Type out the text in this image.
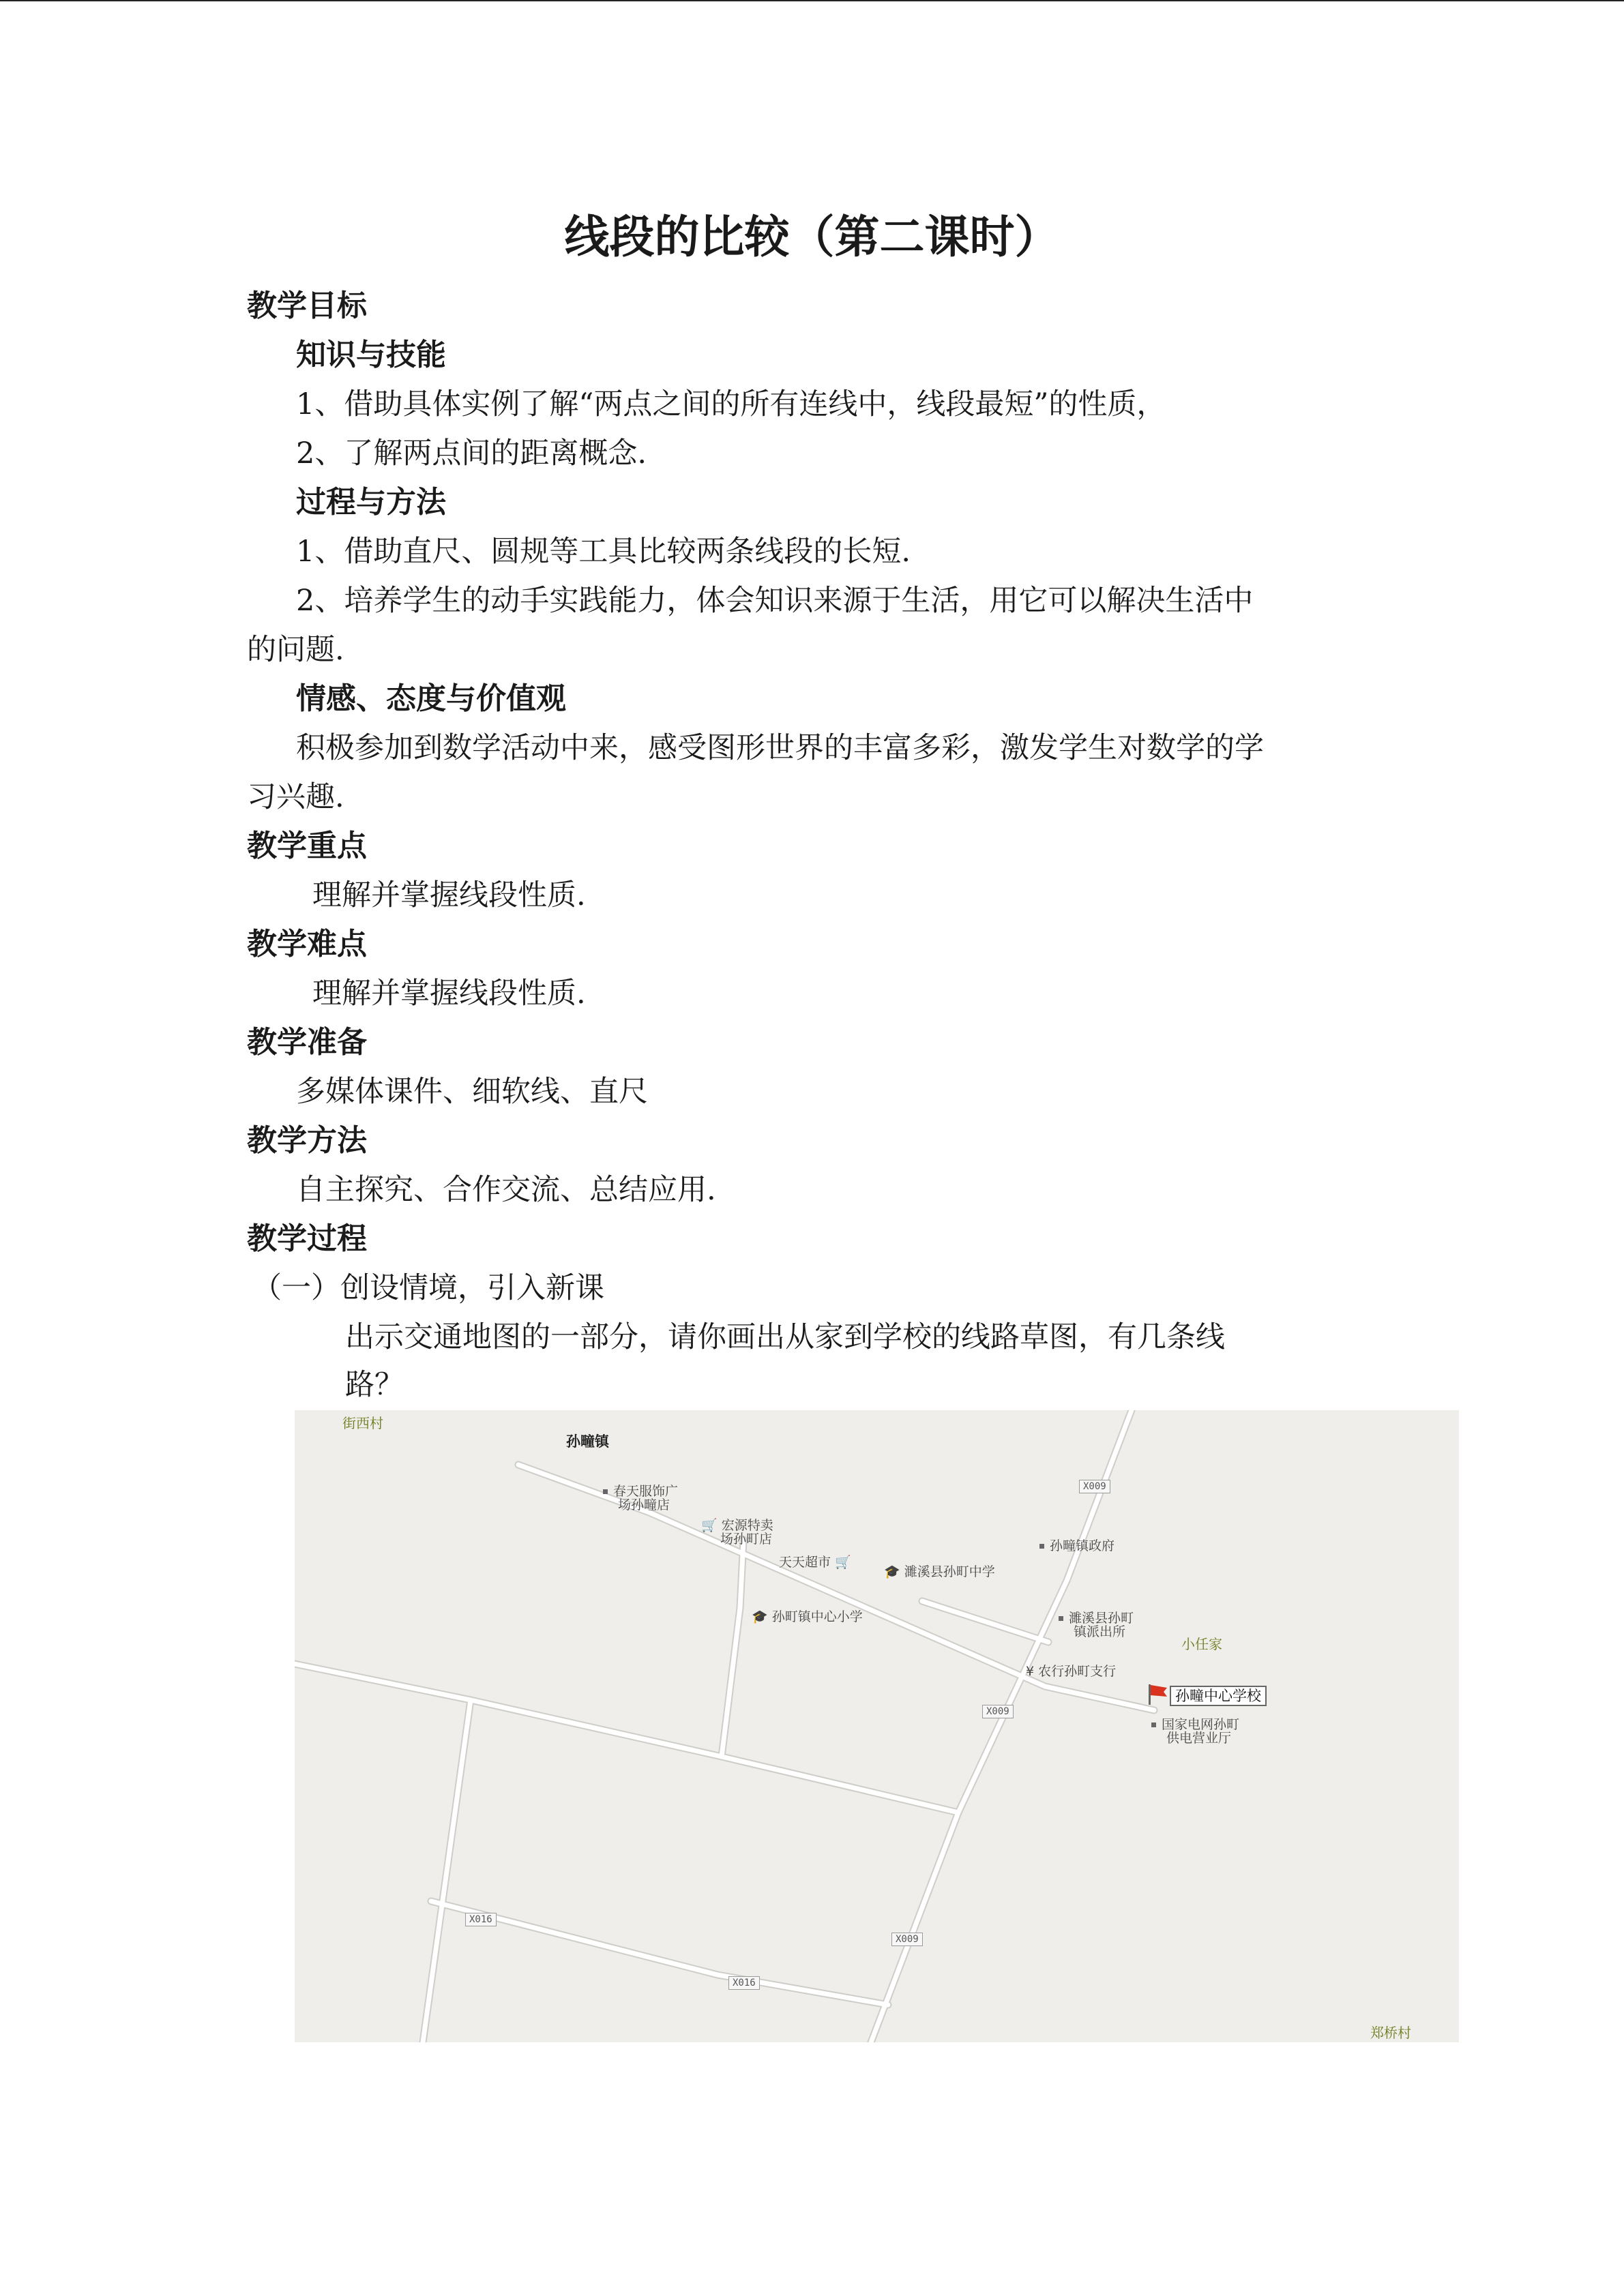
线段的比较（第二课时）
教学目标
知识与技能
1、借助具体实例了解“两点之间的所有连线中，线段最短”的性质，
2、了解两点间的距离概念.
过程与方法
1、借助直尺、圆规等工具比较两条线段的长短.
2、培养学生的动手实践能力，体会知识来源于生活，用它可以解决生活中
的问题.
情感、态度与价值观
积极参加到数学活动中来，感受图形世界的丰富多彩，激发学生对数学的学
习兴趣.
教学重点
理解并掌握线段性质.
教学难点
理解并掌握线段性质.
教学准备
多媒体课件、细软线、直尺
教学方法
自主探究、合作交流、总结应用.
教学过程
（一）创设情境，引入新课
出示交通地图的一部分，请你画出从家到学校的线路草图，有几条线
路？
街西村
孙疃镇
春天服饰广
场孙疃店
🛒 宏源特卖
场孙町店
天天超市 🛒
🎓 濉溪县孙町中学
孙疃镇政府
🎓 孙町镇中心小学	濉溪县孙町
镇派出所
小任家
¥ 农行孙町支行
孙疃中心学校
国家电网孙町
供电营业厅
郑桥村
X009
X009
X009
X016
X016
